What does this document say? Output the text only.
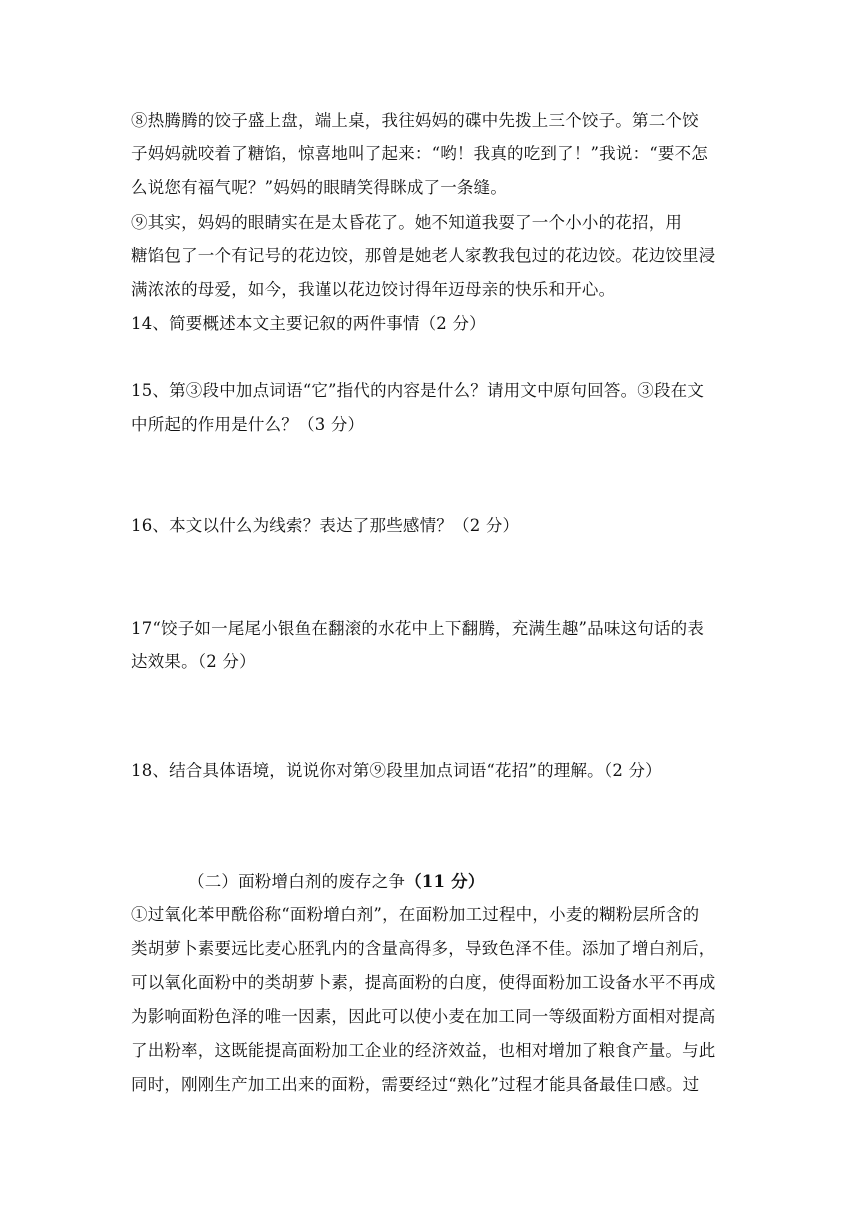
⑧热腾腾的饺子盛上盘，端上桌，我往妈妈的碟中先拨上三个饺子。第二个饺
子妈妈就咬着了糖馅，惊喜地叫了起来：“哟！我真的吃到了！”我说：“要不怎
么说您有福气呢？”妈妈的眼睛笑得眯成了一条缝。
⑨其实，妈妈的眼睛实在是太昏花了。她不知道我耍了一个小小的花招，用
糖馅包了一个有记号的花边饺，那曾是她老人家教我包过的花边饺。花边饺里浸
满浓浓的母爱，如今，我谨以花边饺讨得年迈母亲的快乐和开心。
14、简要概述本文主要记叙的两件事情（2 分）
15、第③段中加点词语“它”指代的内容是什么？请用文中原句回答。③段在文
中所起的作用是什么？（3 分）
16、本文以什么为线索？表达了那些感情？（2 分）
17“饺子如一尾尾小银鱼在翻滚的水花中上下翻腾，充满生趣”品味这句话的表
达效果。（2 分）
18、结合具体语境，说说你对第⑨段里加点词语“花招”的理解。（2 分）
（二）面粉增白剂的废存之争（11 分）
①过氧化苯甲酰俗称“面粉增白剂”，在面粉加工过程中，小麦的糊粉层所含的
类胡萝卜素要远比麦心胚乳内的含量高得多，导致色泽不佳。添加了增白剂后，
可以氧化面粉中的类胡萝卜素，提高面粉的白度，使得面粉加工设备水平不再成
为影响面粉色泽的唯一因素，因此可以使小麦在加工同一等级面粉方面相对提高
了出粉率，这既能提高面粉加工企业的经济效益，也相对增加了粮食产量。与此
同时，刚刚生产加工出来的面粉，需要经过“熟化”过程才能具备最佳口感。过
